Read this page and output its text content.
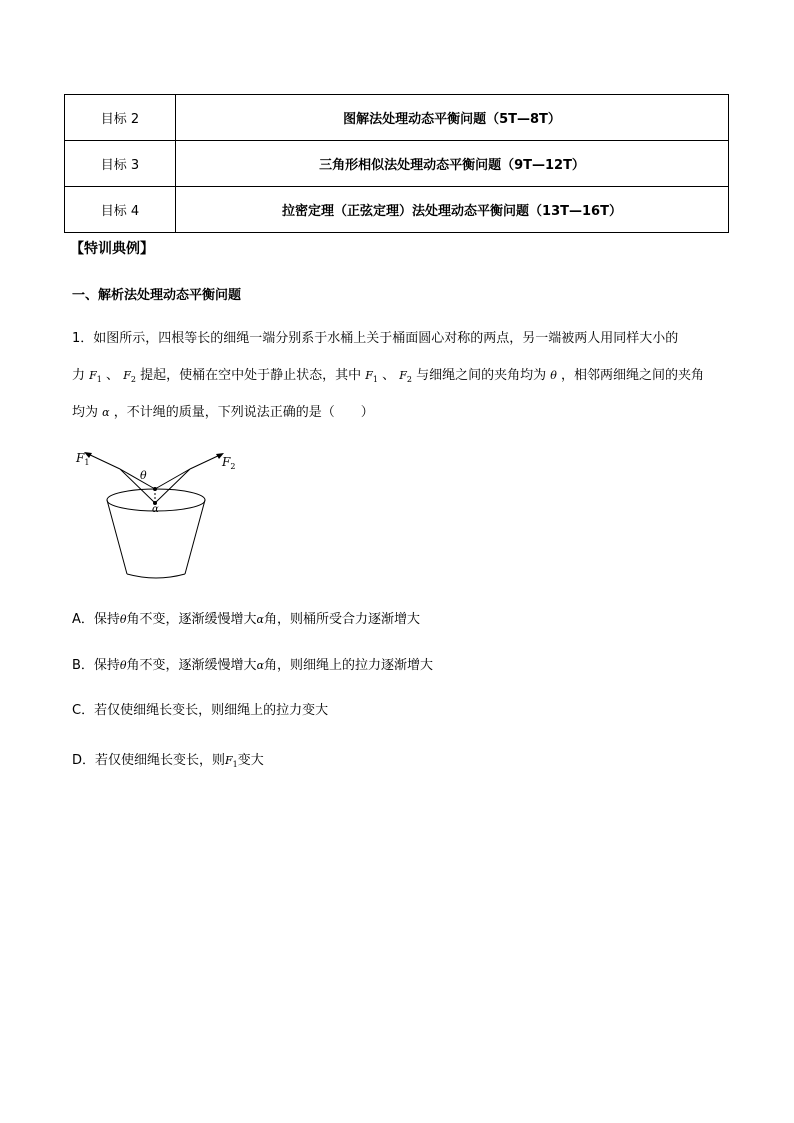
目标 2	图解法处理动态平衡问题（5T—8T）
目标 3	三角形相似法处理动态平衡问题（9T—12T）
目标 4	拉密定理（正弦定理）法处理动态平衡问题（13T—16T）
【特训典例】
一、解析法处理动态平衡问题
1．如图所示，四根等长的细绳一端分别系于水桶上关于桶面圆心对称的两点，另一端被两人用同样大小的
力 $F_1$ 、 $F_2$ 提起，使桶在空中处于静止状态，其中 $F_1$ 、 $F_2$ 与细绳之间的夹角均为 θ ，相邻两细绳之间的夹角
均为 α ，不计绳的质量，下列说法正确的是（　　）
$F_1$	$F_2$
θ
α
A．保持θ角不变，逐渐缓慢增大α角，则桶所受合力逐渐增大
B．保持θ角不变，逐渐缓慢增大α角，则细绳上的拉力逐渐增大
C．若仅使细绳长变长，则细绳上的拉力变大
D．若仅使细绳长变长，则$F_1$变大
